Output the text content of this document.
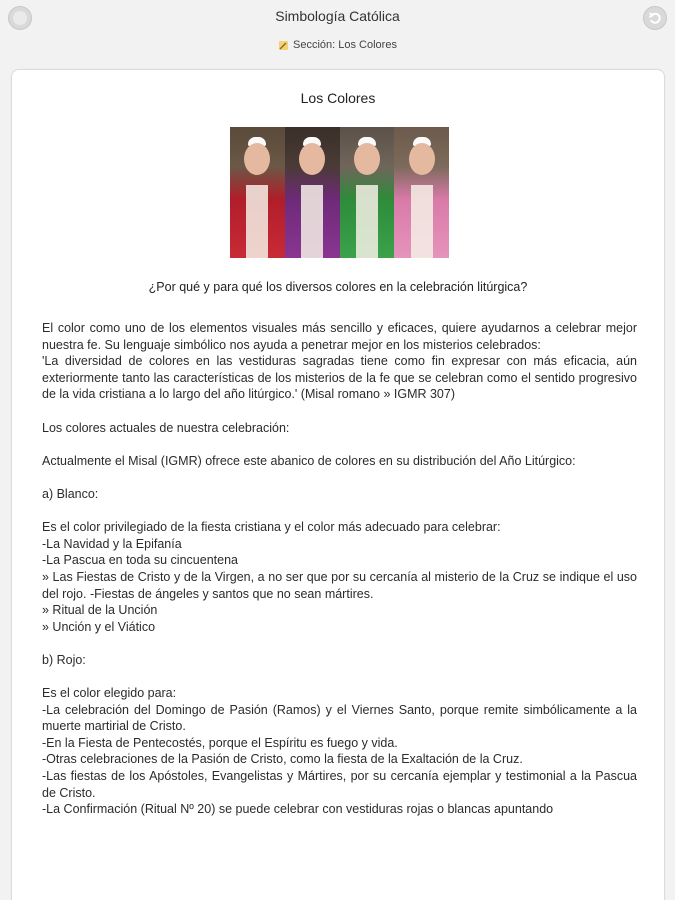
Simbología Católica
Sección: Los Colores
Los Colores
¿Por qué y para qué los diversos colores en la celebración litúrgica?

El color como uno de los elementos visuales más sencillo y eficaces, quiere ayudarnos a celebrar mejor nuestra fe. Su lenguaje simbólico nos ayuda a penetrar mejor en los misterios celebrados:

'La diversidad de colores en las vestiduras sagradas tiene como fin expresar con más eficacia, aún exteriormente tanto las características de los misterios de la fe que se celebran como el sentido progresivo de la vida cristiana a lo largo del año litúrgico.' (Misal romano » IGMR 307)

Los colores actuales de nuestra celebración:

Actualmente el Misal (IGMR) ofrece este abanico de colores en su distribución del Año Litúrgico:

a) Blanco:

Es el color privilegiado de la fiesta cristiana y el color más adecuado para celebrar:

-La Navidad y la Epifanía

-La Pascua en toda su cincuentena

» Las Fiestas de Cristo y de la Virgen, a no ser que por su cercanía al misterio de la Cruz se indique el uso del rojo. -Fiestas de ángeles y santos que no sean mártires.

» Ritual de la Unción

» Unción y el Viático

b) Rojo:

Es el color elegido para:

-La celebración del Domingo de Pasión (Ramos) y el Viernes Santo, porque remite simbólicamente a la muerte martirial de Cristo.

-En la Fiesta de Pentecostés, porque el Espíritu es fuego y vida.

-Otras celebraciones de la Pasión de Cristo, como la fiesta de la Exaltación de la Cruz.

-Las fiestas de los Apóstoles, Evangelistas y Mártires, por su cercanía ejemplar y testimonial a la Pascua de Cristo.

-La Confirmación (Ritual Nº 20) se puede celebrar con vestiduras rojas o blancas apuntando
